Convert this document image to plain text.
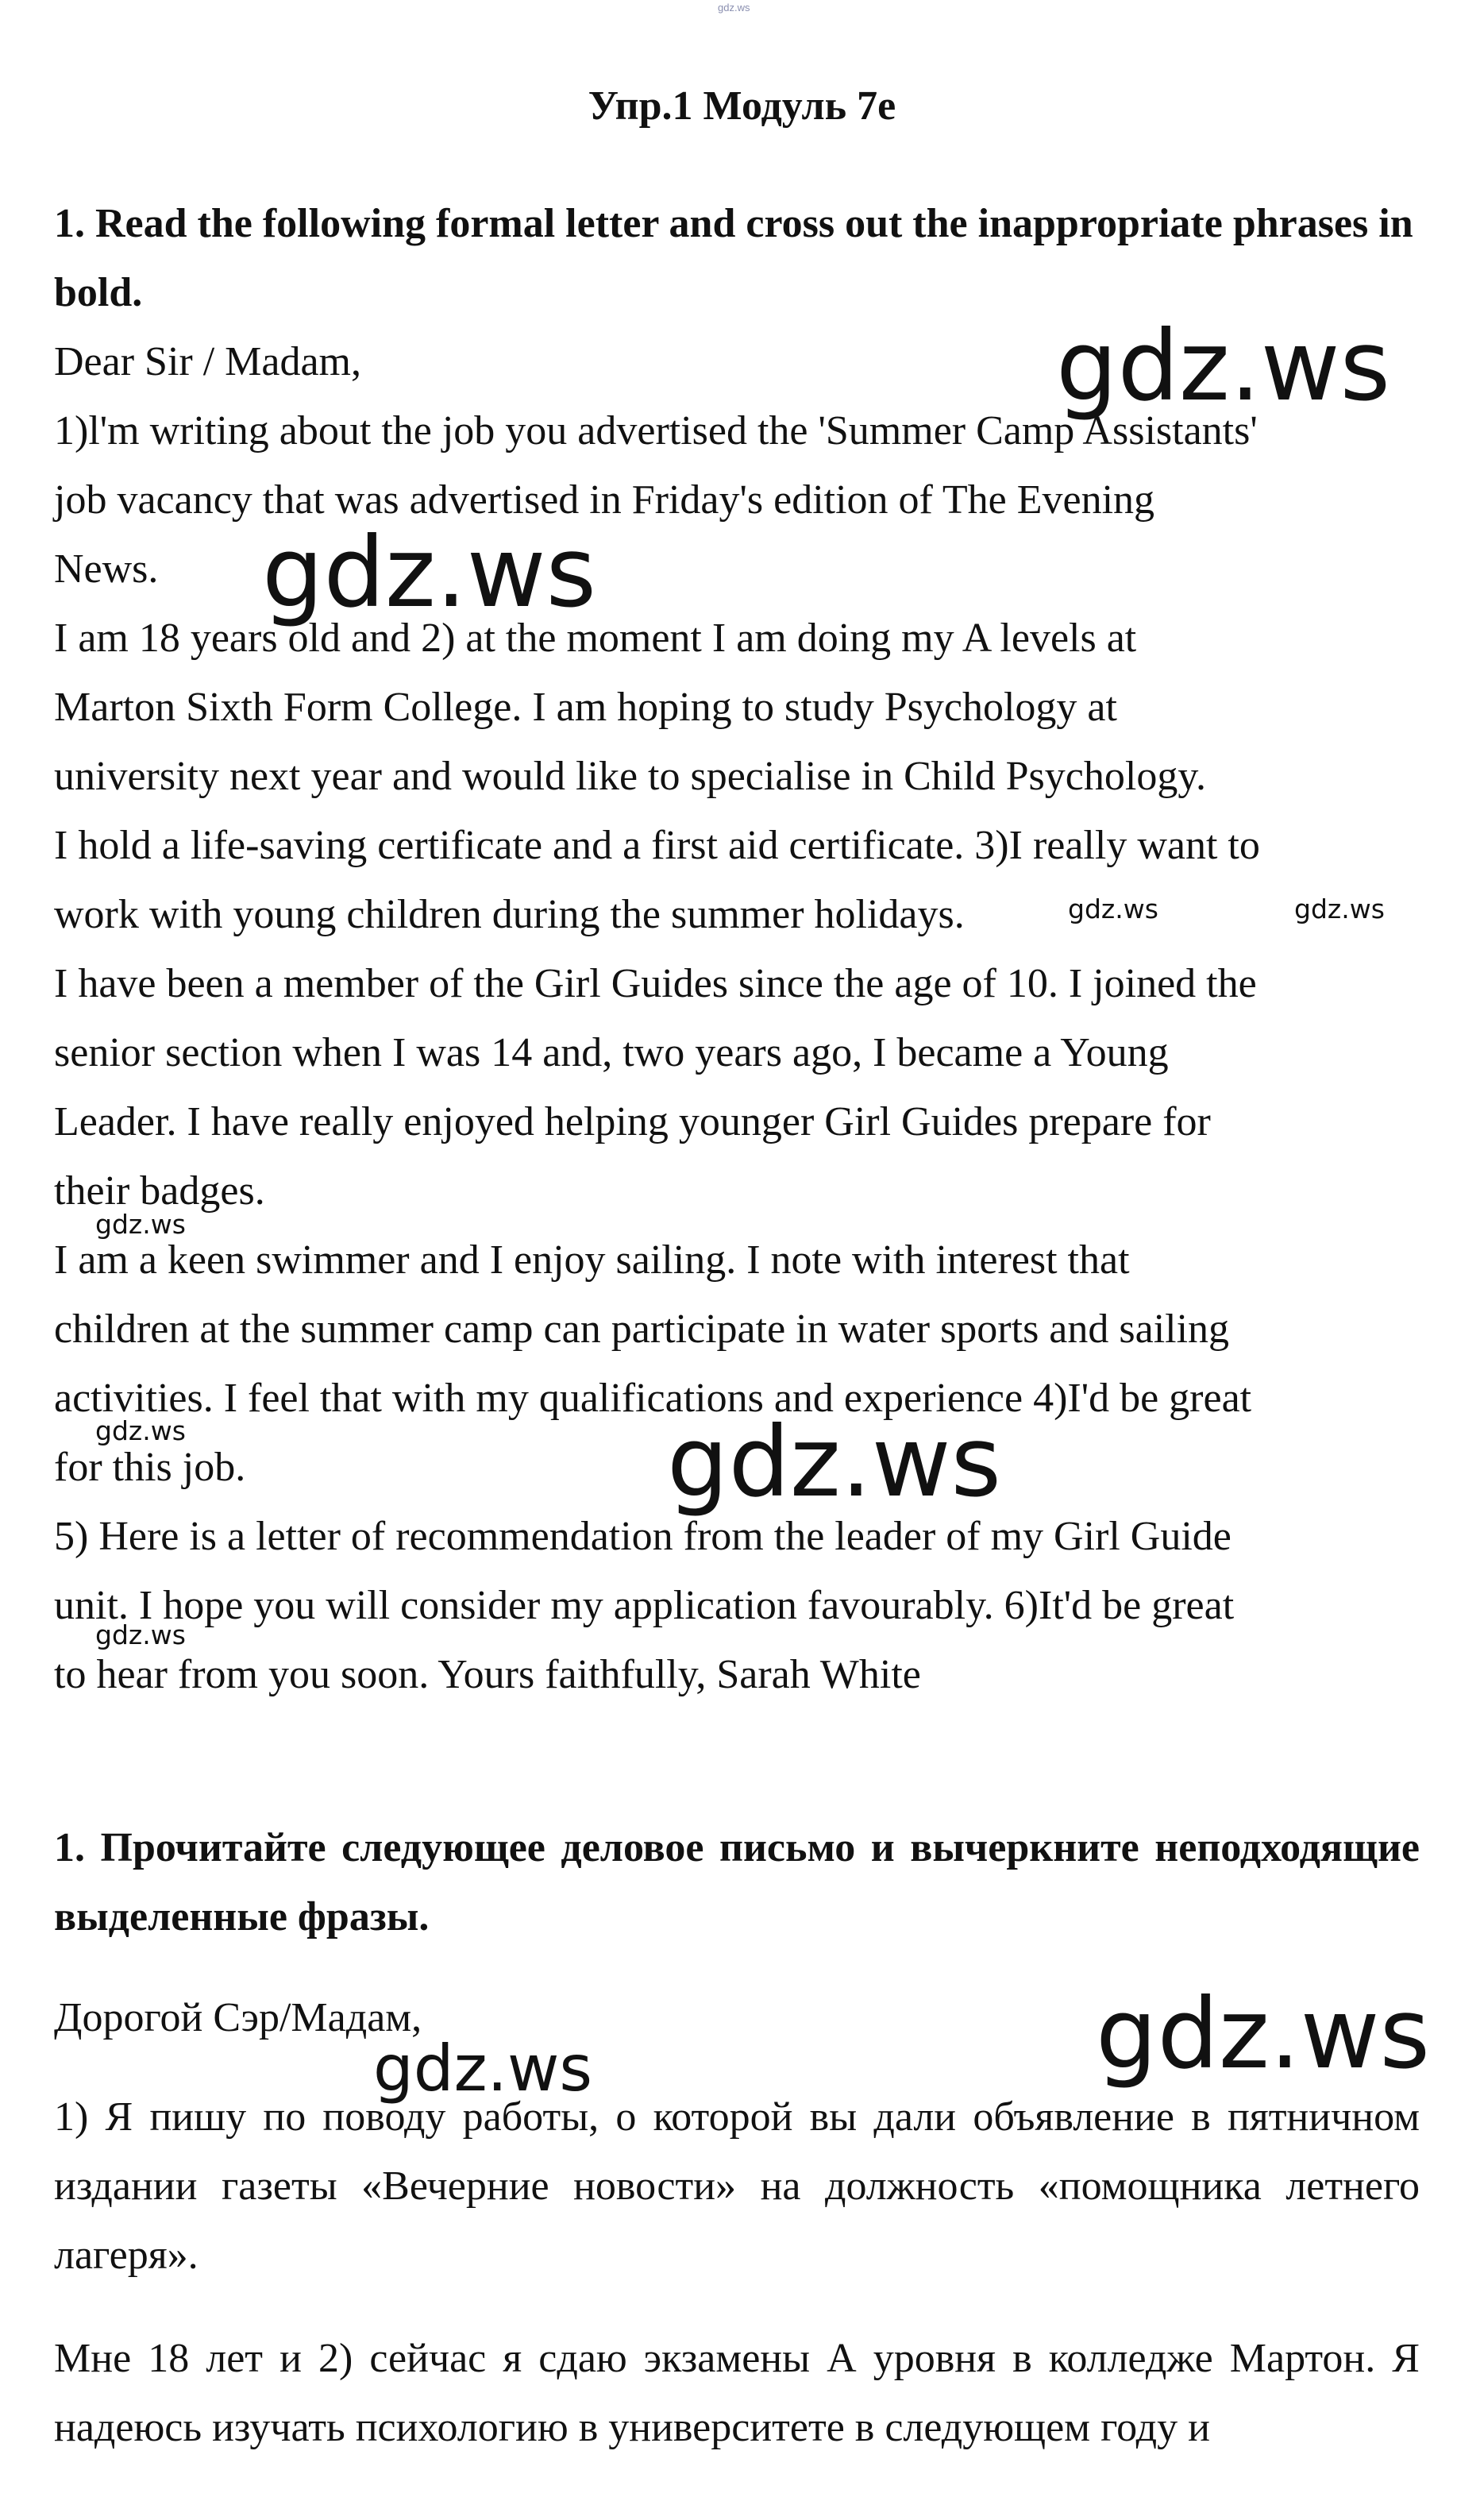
gdz.ws
Упр.1 Модуль 7е
1. Read the following formal letter and cross out the inappropriate phrases in bold.
Dear Sir / Madam,
1)l'm writing about the job you advertised the 'Summer Camp Assistants'
job vacancy that was advertised in Friday's edition of The Evening
News.
I am 18 years old and 2) at the moment I am doing my A levels at
Marton Sixth Form College. I am hoping to study Psychology at
university next year and would like to specialise in Child Psychology.
I hold a life-saving certificate and a first aid certificate. 3)I really want to
work with young children during the summer holidays.
I have been a member of the Girl Guides since the age of 10. I joined the
senior section when I was 14 and, two years ago, I became a Young
Leader. I have really enjoyed helping younger Girl Guides prepare for
their badges.
I am a keen swimmer and I enjoy sailing. I note with interest that
children at the summer camp can participate in water sports and sailing
activities. I feel that with my qualifications and experience 4)I'd be great
for this job.
5) Here is a letter of recommendation from the leader of my Girl Guide
unit. I hope you will consider my application favourably. 6)It'd be great
to hear from you soon. Yours faithfully, Sarah White
1. Прочитайте следующее деловое письмо и вычеркните неподходящие выделенные фразы.
Дорогой Сэр/Мадам,
1) Я пишу по поводу работы, о которой вы дали объявление в пятничном издании газеты «Вечерние новости» на должность «помощника летнего лагеря».
Мне 18 лет и 2) сейчас я сдаю экзамены А уровня в колледже Мартон. Я надеюсь изучать психологию в университете в следующем году и
gdz.ws
gdz.ws
gdz.ws
gdz.ws
gdz.ws
gdz.ws	gdz.ws
gdz.ws
gdz.ws
gdz.ws
